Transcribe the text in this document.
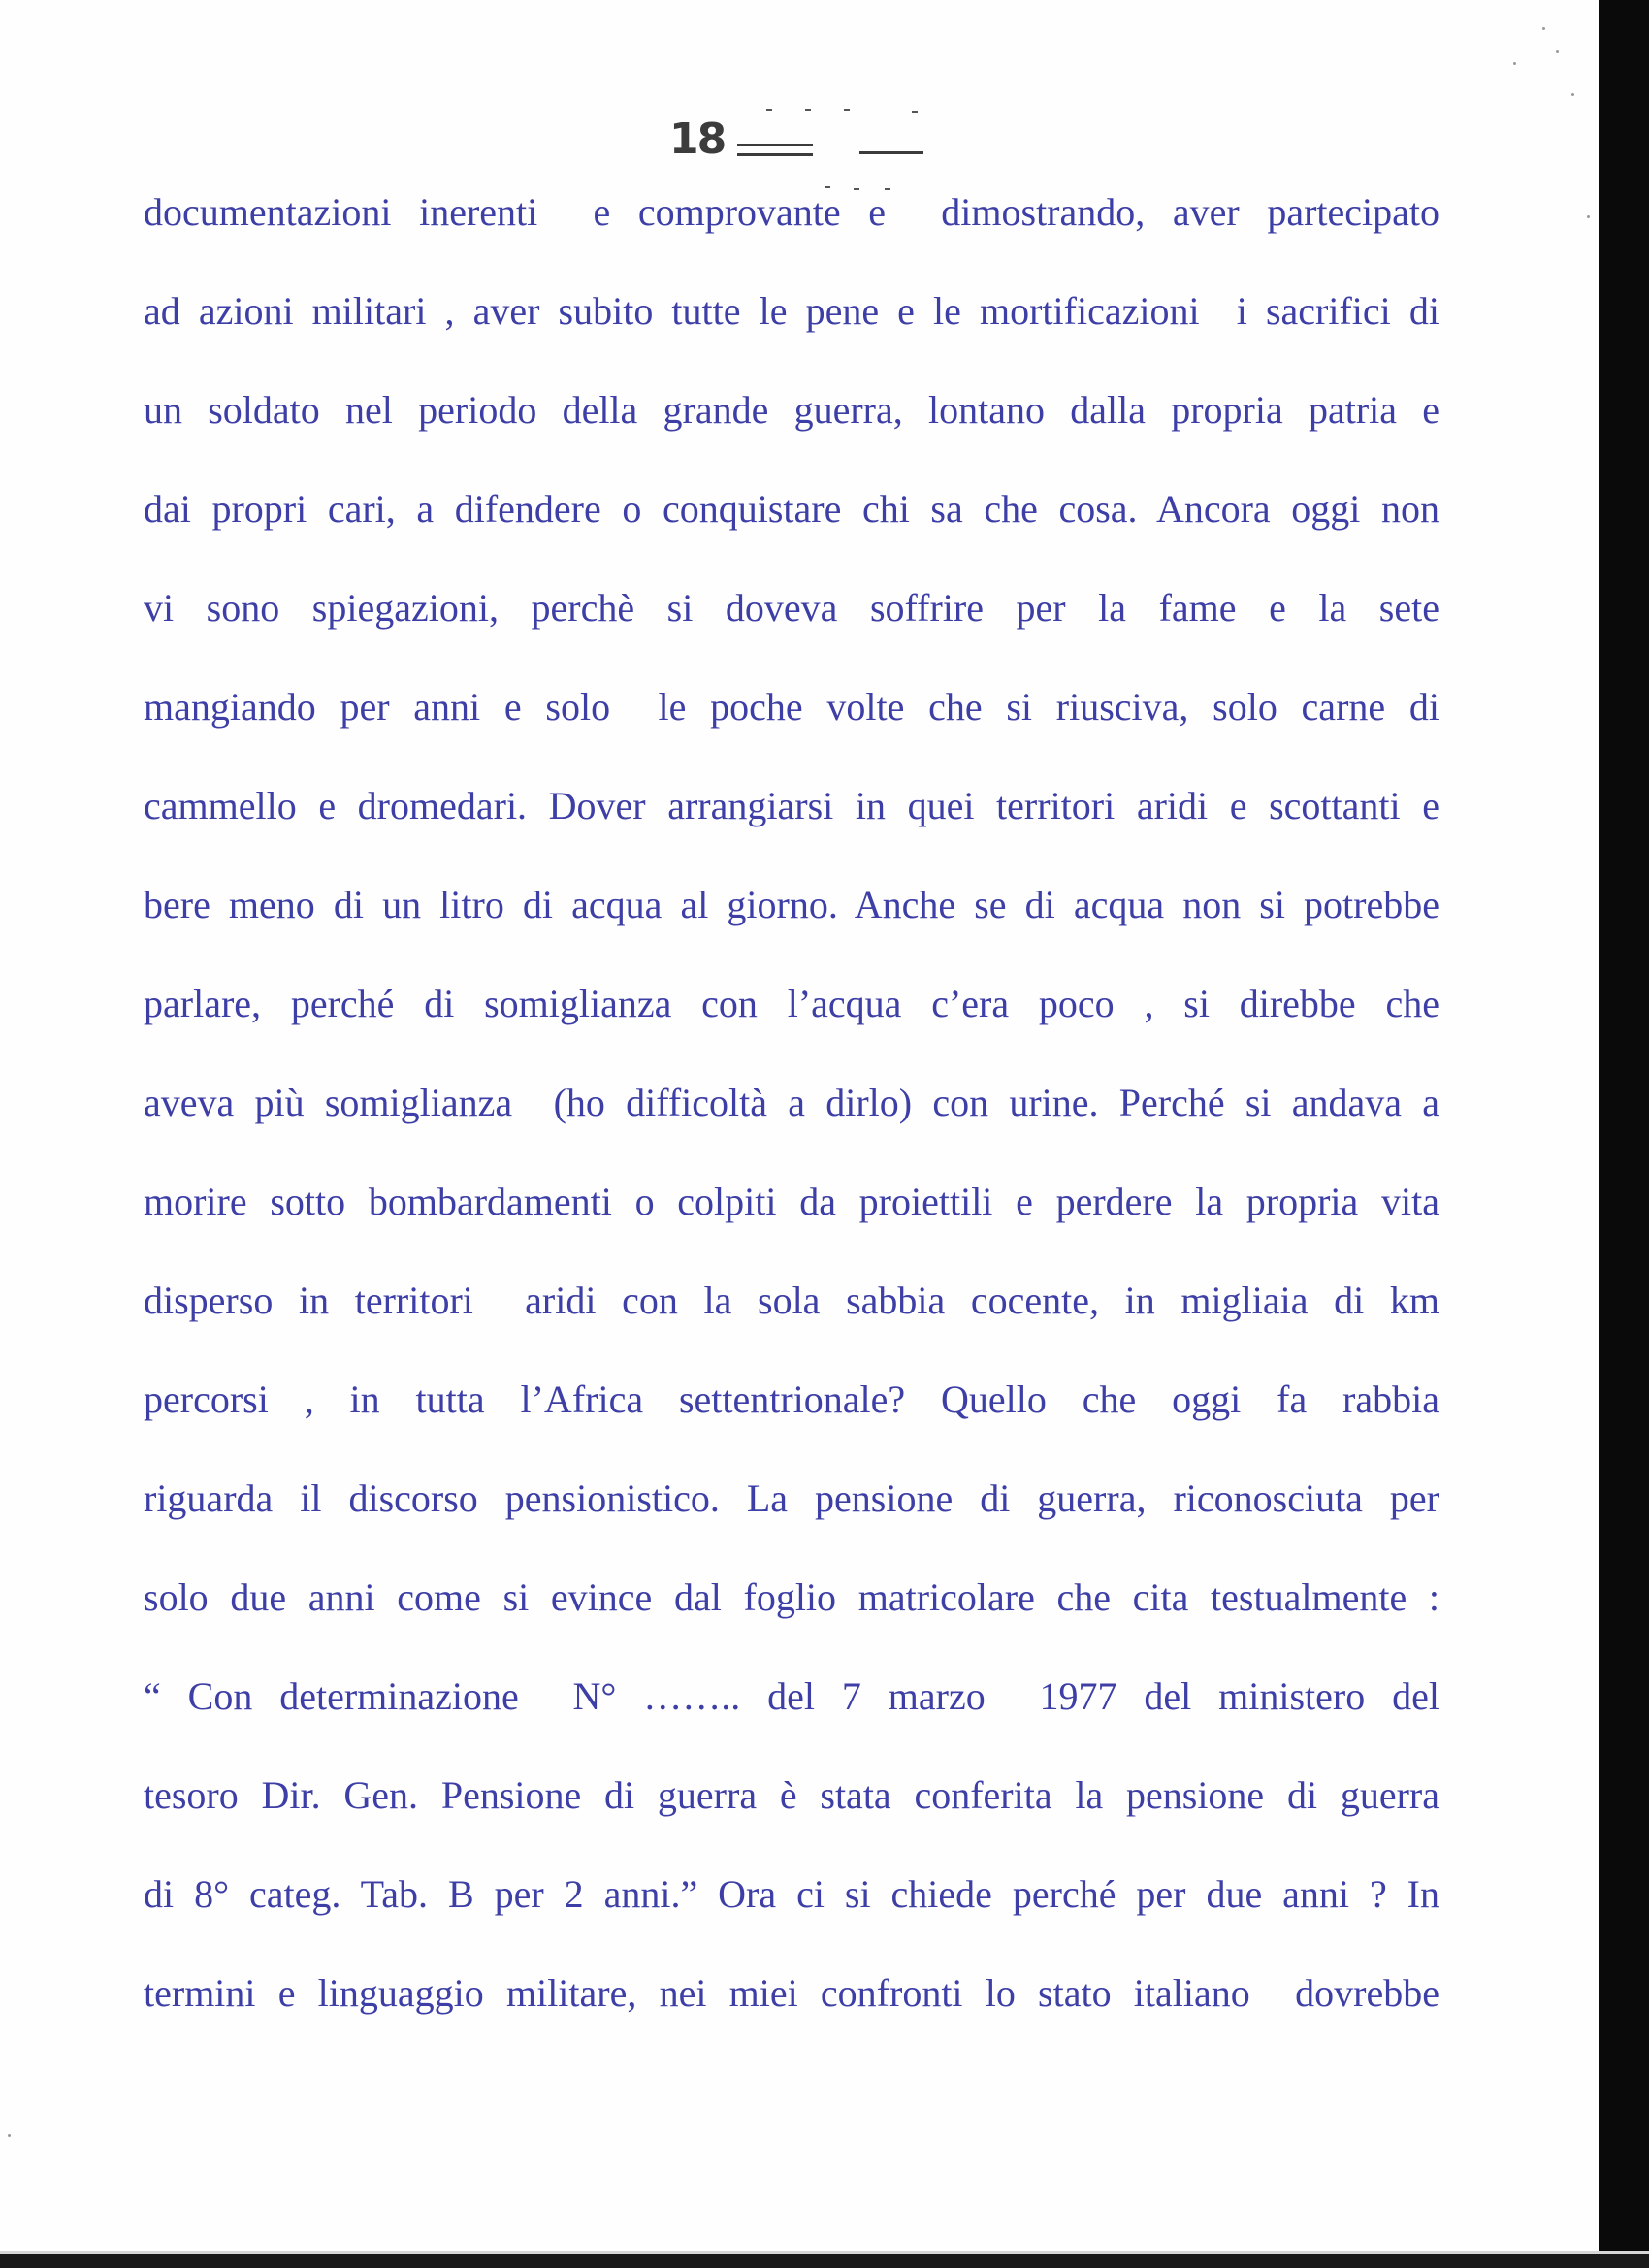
18
documentazioni inerenti  e comprovante e  dimostrando, aver partecipato
ad azioni militari , aver subito tutte le pene e le mortificazioni  i sacrifici di
un soldato nel periodo della grande guerra, lontano dalla propria patria e
dai propri cari, a difendere o conquistare chi sa che cosa. Ancora oggi non
vi sono spiegazioni, perchè si doveva soffrire per la fame e la sete
mangiando per anni e solo  le poche volte che si riusciva, solo carne di
cammello e dromedari. Dover arrangiarsi in quei territori aridi e scottanti e
bere meno di un litro di acqua al giorno. Anche se di acqua non si potrebbe
parlare, perché di somiglianza con l’acqua c’era poco , si direbbe che
aveva più somiglianza  (ho difficoltà a dirlo) con urine. Perché si andava a
morire sotto bombardamenti o colpiti da proiettili e perdere la propria vita
disperso in territori  aridi con la sola sabbia cocente, in migliaia di km
percorsi , in tutta l’Africa settentrionale? Quello che oggi fa rabbia
riguarda il discorso pensionistico. La pensione di guerra, riconosciuta per
solo due anni come si evince dal foglio matricolare che cita testualmente :
“ Con determinazione  N° …….. del 7 marzo  1977 del ministero del
tesoro Dir. Gen. Pensione di guerra è stata conferita la pensione di guerra
di 8° categ. Tab. B per 2 anni.” Ora ci si chiede perché per due anni ? In
termini e linguaggio militare, nei miei confronti lo stato italiano  dovrebbe
